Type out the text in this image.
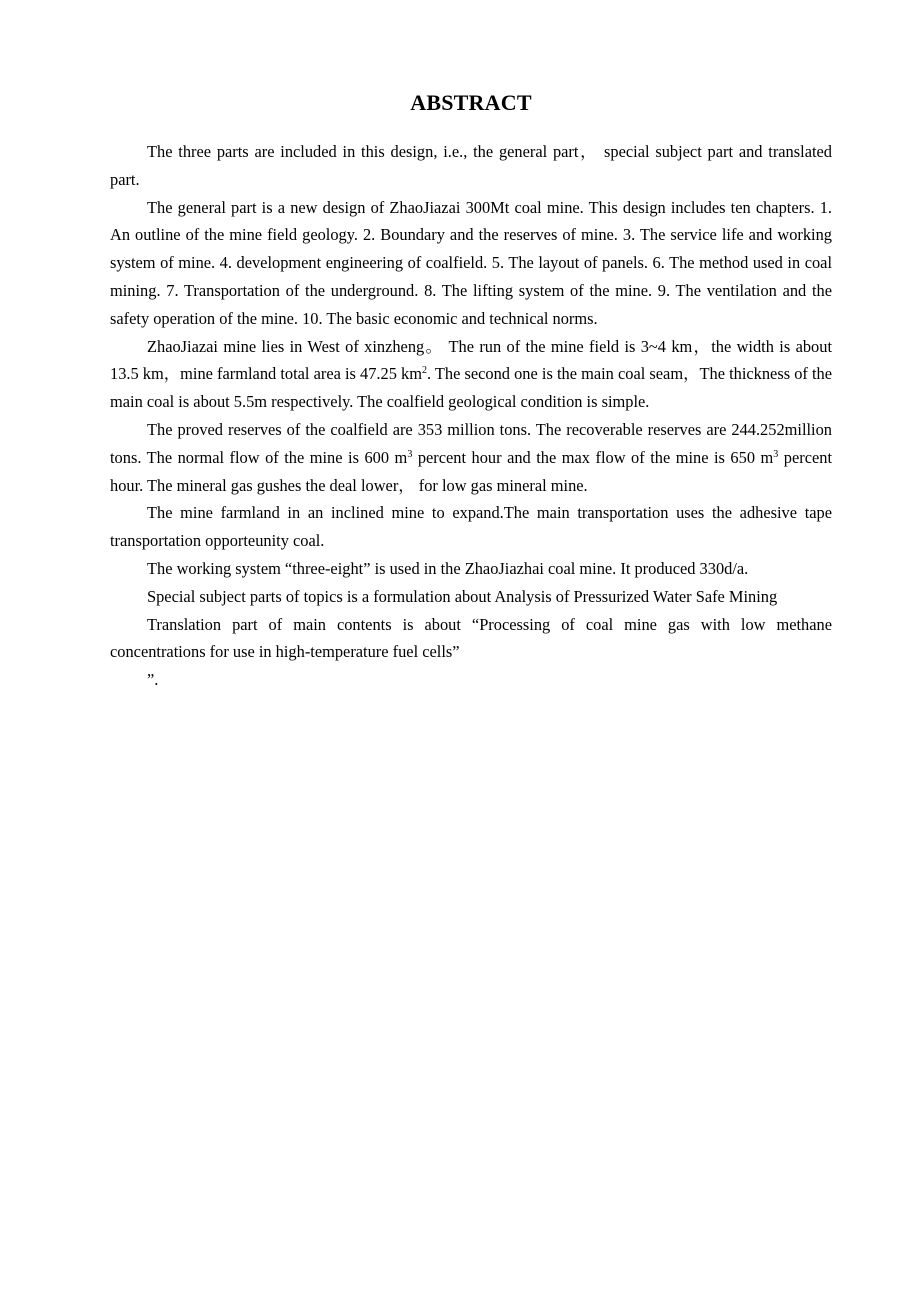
ABSTRACT

The three parts are included in this design, i.e., the general part， special subject part and translated part.

The general part is a new design of ZhaoJiazai 300Mt coal mine. This design includes ten chapters. 1. An outline of the mine field geology. 2. Boundary and the reserves of mine. 3. The service life and working system of mine. 4. development engineering of coalfield. 5. The layout of panels. 6. The method used in coal mining. 7. Transportation of the underground. 8. The lifting system of the mine. 9. The ventilation and the safety operation of the mine. 10. The basic economic and technical norms.

ZhaoJiazai mine lies in West of xinzheng。 The run of the mine field is 3~4 km，the width is about 13.5 km，mine farmland total area is 47.25 $km^2$. The second one is the main coal seam，The thickness of the main coal is about 5.5m respectively. The coalfield geological condition is simple.

The proved reserves of the coalfield are 353 million tons. The recoverable reserves are 244.252million tons. The normal flow of the mine is 600 $m^3$ percent hour and the max flow of the mine is 650 $m^3$ percent hour. The mineral gas gushes the deal lower， for low gas mineral mine.

The mine farmland in an inclined mine to expand.The main transportation uses the adhesive tape transportation opporteunity coal.

The working system “three-eight” is used in the ZhaoJiazhai coal mine. It produced 330d/a.

Special subject parts of topics is a formulation about Analysis of Pressurized Water Safe Mining

Translation part of main contents is about “Processing of coal mine gas with low methane concentrations for use in high-temperature fuel cells”

”.
